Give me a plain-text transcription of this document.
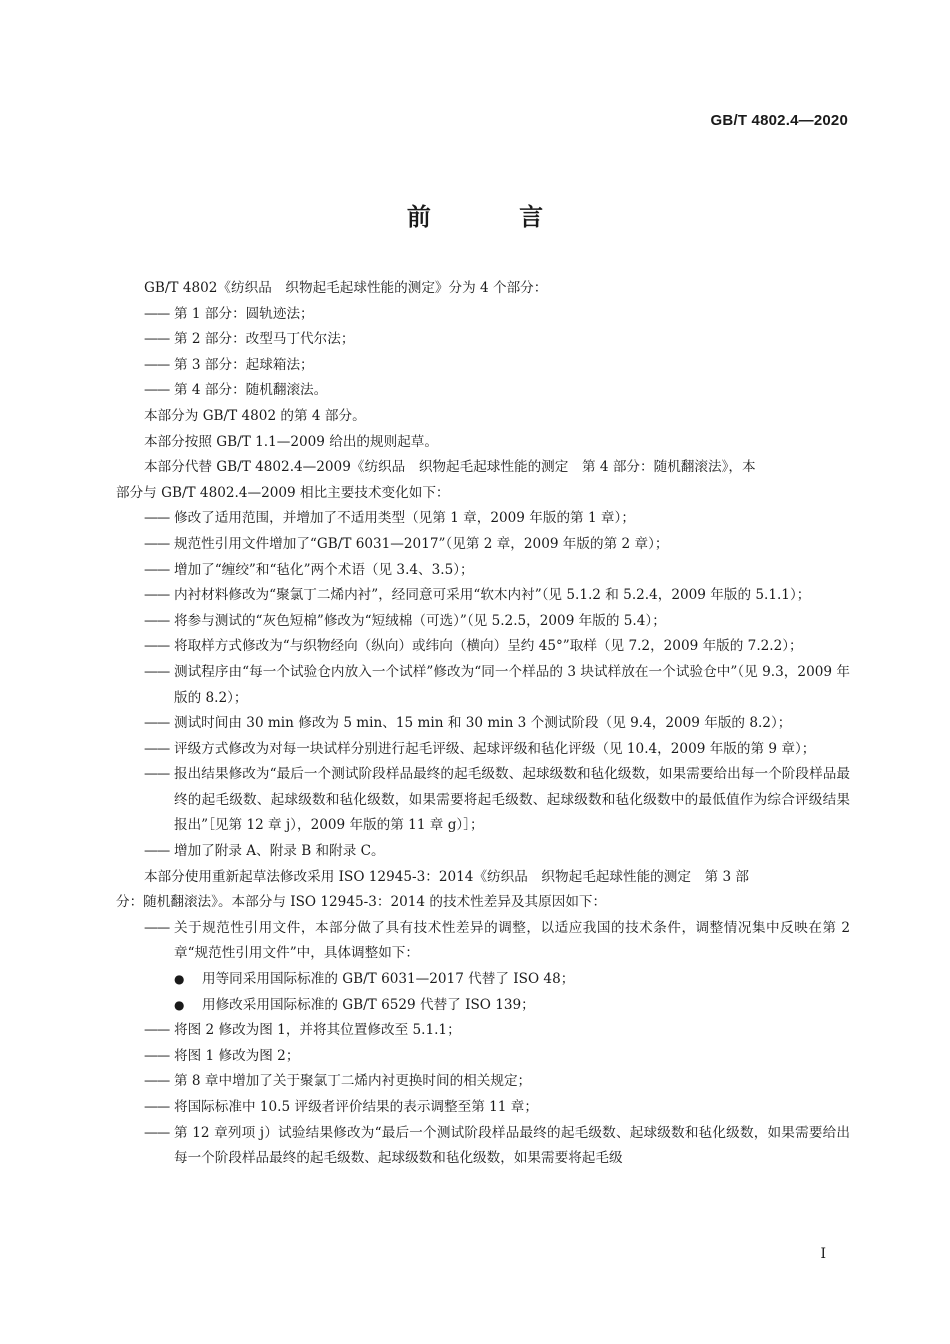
GB/T 4802.4—2020
前 言

GB/T 4802《纺织品　织物起毛起球性能的测定》分为 4 个部分：

—— 第 1 部分：圆轨迹法；
—— 第 2 部分：改型马丁代尔法；
—— 第 3 部分：起球箱法；
—— 第 4 部分：随机翻滚法。

本部分为 GB/T 4802 的第 4 部分。

本部分按照 GB/T 1.1—2009 给出的规则起草。

本部分代替 GB/T 4802.4—2009《纺织品　织物起毛起球性能的测定　第 4 部分：随机翻滚法》，本

部分与 GB/T 4802.4—2009 相比主要技术变化如下：

—— 修改了适用范围，并增加了不适用类型（见第 1 章，2009 年版的第 1 章）；
—— 规范性引用文件增加了“GB/T 6031—2017”（见第 2 章，2009 年版的第 2 章）；
—— 增加了“缠绞”和“毡化”两个术语（见 3.4、3.5）；
—— 内衬材料修改为“聚氯丁二烯内衬”，经同意可采用“软木内衬”（见 5.1.2 和 5.2.4，2009 年版的 5.1.1）；
—— 将参与测试的“灰色短棉”修改为“短绒棉（可选）”（见 5.2.5，2009 年版的 5.4）；
—— 将取样方式修改为“与织物经向（纵向）或纬向（横向）呈约 45°”取样（见 7.2，2009 年版的 7.2.2）；
—— 测试程序由“每一个试验仓内放入一个试样”修改为“同一个样品的 3 块试样放在一个试验仓中”（见 9.3，2009 年版的 8.2）；
—— 测试时间由 30 min 修改为 5 min、15 min 和 30 min 3 个测试阶段（见 9.4，2009 年版的 8.2）；
—— 评级方式修改为对每一块试样分别进行起毛评级、起球评级和毡化评级（见 10.4，2009 年版的第 9 章）；
—— 报出结果修改为“最后一个测试阶段样品最终的起毛级数、起球级数和毡化级数，如果需要给出每一个阶段样品最终的起毛级数、起球级数和毡化级数，如果需要将起毛级数、起球级数和毡化级数中的最低值作为综合评级结果报出”［见第 12 章 j），2009 年版的第 11 章 g）］；
—— 增加了附录 A、附录 B 和附录 C。

本部分使用重新起草法修改采用 ISO 12945-3：2014《纺织品　织物起毛起球性能的测定　第 3 部

分：随机翻滚法》。本部分与 ISO 12945-3：2014 的技术性差异及其原因如下：

—— 关于规范性引用文件，本部分做了具有技术性差异的调整，以适应我国的技术条件，调整情况集中反映在第 2 章“规范性引用文件”中，具体调整如下：
●	用等同采用国际标准的 GB/T 6031—2017 代替了 ISO 48；
●	用修改采用国际标准的 GB/T 6529 代替了 ISO 139；
—— 将图 2 修改为图 1，并将其位置修改至 5.1.1；
—— 将图 1 修改为图 2；
—— 第 8 章中增加了关于聚氯丁二烯内衬更换时间的相关规定；
—— 将国际标准中 10.5 评级者评价结果的表示调整至第 11 章；
—— 第 12 章列项 j）试验结果修改为“最后一个测试阶段样品最终的起毛级数、起球级数和毡化级数，如果需要给出每一个阶段样品最终的起毛级数、起球级数和毡化级数，如果需要将起毛级
I
